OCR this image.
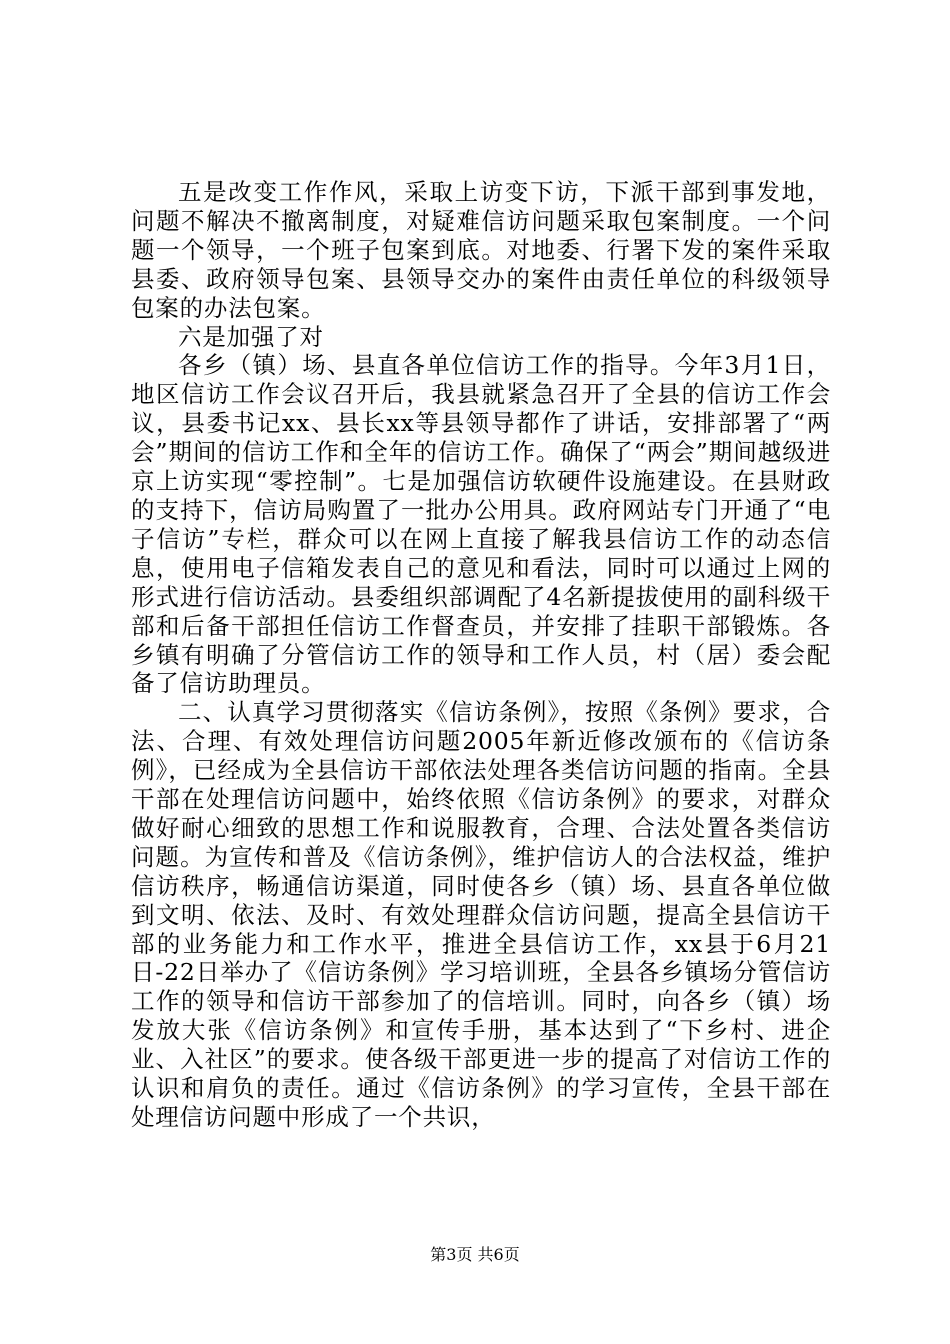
五是改变工作作风，采取上访变下访，下派干部到事发地，问题不解决不撤离制度，对疑难信访问题采取包案制度。一个问题一个领导，一个班子包案到底。对地委、行署下发的案件采取县委、政府领导包案、县领导交办的案件由责任单位的科级领导包案的办法包案。

六是加强了对

各乡（镇）场、县直各单位信访工作的指导。今年3月1日，地区信访工作会议召开后，我县就紧急召开了全县的信访工作会议，县委书记xx、县长xx等县领导都作了讲话，安排部署了“两会”期间的信访工作和全年的信访工作。确保了“两会”期间越级进京上访实现“零控制”。七是加强信访软硬件设施建设。在县财政的支持下，信访局购置了一批办公用具。政府网站专门开通了“电子信访”专栏，群众可以在网上直接了解我县信访工作的动态信息，使用电子信箱发表自己的意见和看法，同时可以通过上网的形式进行信访活动。县委组织部调配了4名新提拔使用的副科级干部和后备干部担任信访工作督查员，并安排了挂职干部锻炼。各乡镇有明确了分管信访工作的领导和工作人员，村（居）委会配备了信访助理员。

二、认真学习贯彻落实《信访条例》，按照《条例》要求，合法、合理、有效处理信访问题2005年新近修改颁布的《信访条例》，已经成为全县信访干部依法处理各类信访问题的指南。全县干部在处理信访问题中，始终依照《信访条例》的要求，对群众做好耐心细致的思想工作和说服教育，合理、合法处置各类信访问题。为宣传和普及《信访条例》，维护信访人的合法权益，维护信访秩序，畅通信访渠道，同时使各乡（镇）场、县直各单位做到文明、依法、及时、有效处理群众信访问题，提高全县信访干部的业务能力和工作水平，推进全县信访工作，xx县于6月21日-22日举办了《信访条例》学习培训班，全县各乡镇场分管信访工作的领导和信访干部参加了的信培训。同时，向各乡（镇）场发放大张《信访条例》和宣传手册，基本达到了“下乡村、进企业、入社区”的要求。使各级干部更进一步的提高了对信访工作的认识和肩负的责任。通过《信访条例》的学习宣传，全县干部在处理信访问题中形成了一个共识，

第3页 共6页
